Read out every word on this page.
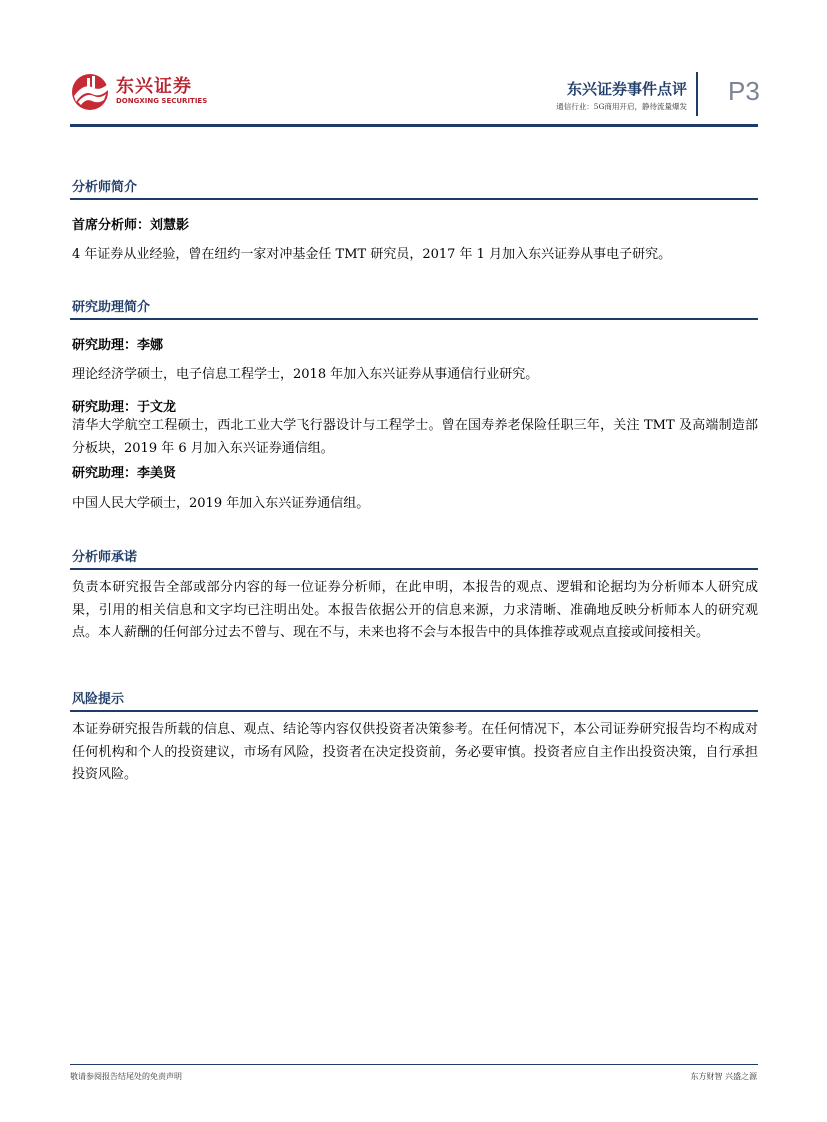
东兴证券
DONGXING SECURITIES
东兴证券事件点评
通信行业：5G商用开启，静待流量爆发
P3
分析师简介
首席分析师：刘慧影
4 年证券从业经验，曾在纽约一家对冲基金任 TMT 研究员，2017 年 1 月加入东兴证券从事电子研究。
研究助理简介
研究助理：李娜
理论经济学硕士，电子信息工程学士，2018 年加入东兴证券从事通信行业研究。
研究助理：于文龙
清华大学航空工程硕士，西北工业大学飞行器设计与工程学士。曾在国寿养老保险任职三年，关注 TMT 及高端制造部分板块，2019 年 6 月加入东兴证券通信组。
研究助理：李美贤
中国人民大学硕士，2019 年加入东兴证券通信组。
分析师承诺
负责本研究报告全部或部分内容的每一位证券分析师，在此申明，本报告的观点、逻辑和论据均为分析师本人研究成果，引用的相关信息和文字均已注明出处。本报告依据公开的信息来源，力求清晰、准确地反映分析师本人的研究观点。本人薪酬的任何部分过去不曾与、现在不与，未来也将不会与本报告中的具体推荐或观点直接或间接相关。
风险提示
本证券研究报告所载的信息、观点、结论等内容仅供投资者决策参考。在任何情况下，本公司证券研究报告均不构成对任何机构和个人的投资建议，市场有风险，投资者在决定投资前，务必要审慎。投资者应自主作出投资决策，自行承担投资风险。
敬请参阅报告结尾处的免责声明	东方财智 兴盛之源
